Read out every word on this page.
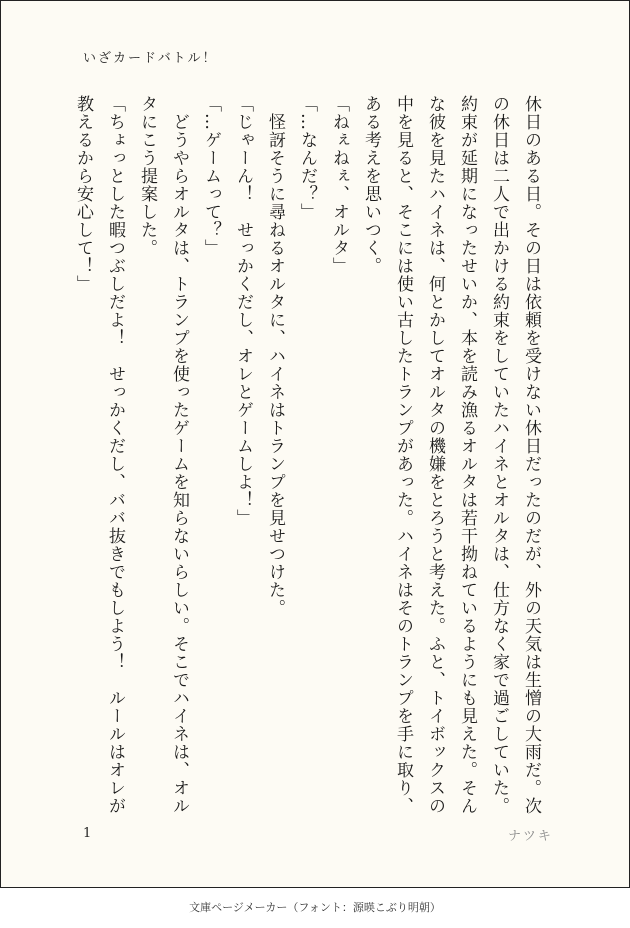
いざカードバトル！

休日のある日。その日は依頼を受けない休日だったのだが、外の天気は生憎の大雨だ。次の休日は二人で出かける約束をしていたハイネとオルタは、仕方なく家で過ごしていた。約束が延期になったせいか、本を読み漁るオルタは若干拗ねているようにも見えた。そんな彼を見たハイネは、何とかしてオルタの機嫌をとろうと考えた。ふと、トイボックスの中を見ると、そこには使い古したトランプがあった。ハイネはそのトランプを手に取り、ある考えを思いつく。

「ねぇねぇ、オルタ」

「…なんだ？」

　怪訝そうに尋ねるオルタに、ハイネはトランプを見せつけた。

「じゃーん！　せっかくだし、オレとゲームしよ！」

「…ゲームって？」

　どうやらオルタは、トランプを使ったゲームを知らないらしい。そこでハイネは、オルタにこう提案した。

「ちょっとした暇つぶしだよ！　せっかくだし、ババ抜きでもしよう！　ルールはオレが教えるから安心して！」

1	ナツキ
文庫ページメーカー（フォント：源暎こぶり明朝）
